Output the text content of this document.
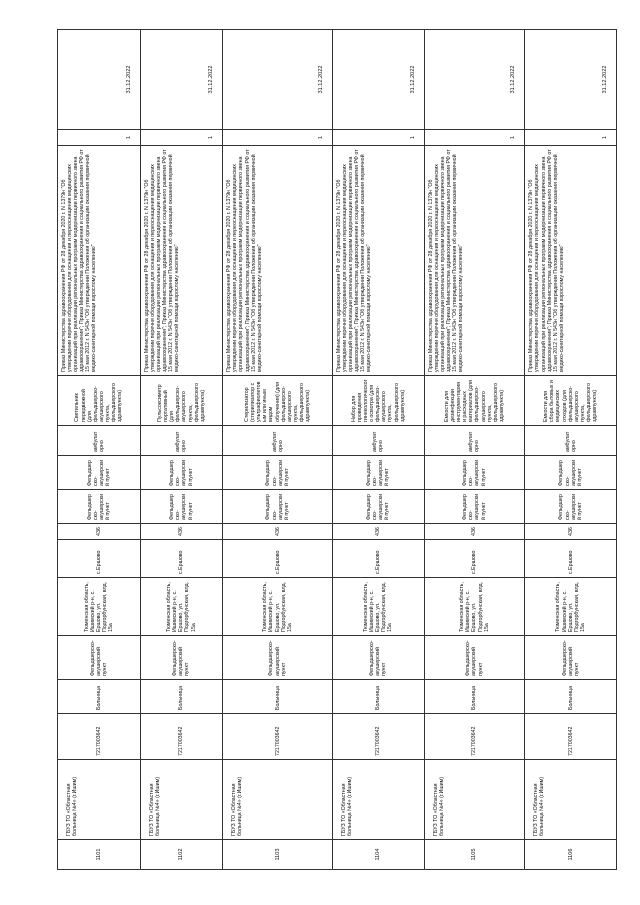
1101	ГБУЗ ТО «Областная больница №4» (г.Ишим)	7217003642	Больница	Фельдшерско-акушерский пункт	Тюменская область, Ишимский р-н, с. Ершово, ул. Подгорбунская, влд. 15а	с.Ершово	436	Фельдшерско-акушерский пункт	Фельдшерско-акушерский пункт	амбулаторно	Светильник передвижной (для фельдшерско-акушерского пункта, фельдшерского здравпункта)	Приказ Министерства здравоохранения РФ от 28 декабря 2020 г. N 1379н "Об утверждении перечня оборудования для оснащения и переоснащения медицинских организаций при реализации региональных программ модернизации первичного звена здравоохранения"; Приказ Министерства здравоохранения и социального развития РФ от 15 мая 2012 г. N 543н "Об утверждении Положения об организации оказания первичной медико-санитарной помощи взрослому населению"	1	31.12.2022
1102	ГБУЗ ТО «Областная больница №4» (г.Ишим)	7217003642	Больница	Фельдшерско-акушерский пункт	Тюменская область, Ишимский р-н, с. Ершово, ул. Подгорбунская, влд. 15а	с.Ершово	436	Фельдшерско-акушерский пункт	Фельдшерско-акушерский пункт	амбулаторно	Пульсоксиметр портативный (для фельдшерско-акушерского пункта, фельдшерского здравпункта)	Приказ Министерства здравоохранения РФ от 28 декабря 2020 г. N 1379н "Об утверждении перечня оборудования для оснащения и переоснащения медицинских организаций при реализации региональных программ модернизации первичного звена здравоохранения"; Приказ Министерства здравоохранения и социального развития РФ от 15 мая 2012 г. N 543н "Об утверждении Положения об организации оказания первичной медико-санитарной помощи взрослому населению"	1	31.12.2022
1103	ГБУЗ ТО «Областная больница №4» (г.Ишим)	7217003642	Больница	Фельдшерско-акушерский пункт	Тюменская область, Ишимский р-н, с. Ершово, ул. Подгорбунская, влд. 15а	с.Ершово	436	Фельдшерско-акушерский пункт	Фельдшерско-акушерский пункт	амбулаторно	Стерилизатор (стерилизатор с ультрафиолетовым или иным видом облучения) (для фельдшерско-акушерского пункта, фельдшерского здравпункта)	Приказ Министерства здравоохранения РФ от 28 декабря 2020 г. N 1379н "Об утверждении перечня оборудования для оснащения и переоснащения медицинских организаций при реализации региональных программ модернизации первичного звена здравоохранения"; Приказ Министерства здравоохранения и социального развития РФ от 15 мая 2012 г. N 543н "Об утверждении Положения об организации оказания первичной медико-санитарной помощи взрослому населению"	1	31.12.2022
1104	ГБУЗ ТО «Областная больница №4» (г.Ишим)	7217003642	Больница	Фельдшерско-акушерский пункт	Тюменская область, Ишимский р-н, с. Ершово, ул. Подгорбунская, влд. 15а	с.Ершово	436	Фельдшерско-акушерский пункт	Фельдшерско-акушерский пункт	амбулаторно	Набор для проведения гинекологического осмотра (для фельдшерско-акушерского пункта, фельдшерского здравпункта)	Приказ Министерства здравоохранения РФ от 28 декабря 2020 г. N 1379н "Об утверждении перечня оборудования для оснащения и переоснащения медицинских организаций при реализации региональных программ модернизации первичного звена здравоохранения"; Приказ Министерства здравоохранения и социального развития РФ от 15 мая 2012 г. N 543н "Об утверждении Положения об организации оказания первичной медико-санитарной помощи взрослому населению"	1	31.12.2022
1105	ГБУЗ ТО «Областная больница №4» (г.Ишим)	7217003642	Больница	Фельдшерско-акушерский пункт	Тюменская область, Ишимский р-н, с. Ершово, ул. Подгорбунская, влд. 15а	с.Ершово	436	Фельдшерско-акушерский пункт	Фельдшерско-акушерский пункт	амбулаторно	Емкости для дезинфекции инструментария и расходных материалов (для фельдшерско-акушерского пункта, фельдшерского здравпункта)	Приказ Министерства здравоохранения РФ от 28 декабря 2020 г. N 1379н "Об утверждении перечня оборудования для оснащения и переоснащения медицинских организаций при реализации региональных программ модернизации первичного звена здравоохранения"; Приказ Министерства здравоохранения и социального развития РФ от 15 мая 2012 г. N 543н "Об утверждении Положения об организации оказания первичной медико-санитарной помощи взрослому населению"	1	31.12.2022
1106	ГБУЗ ТО «Областная больница №4» (г.Ишим)	7217003642	Больница	Фельдшерско-акушерский пункт	Тюменская область, Ишимский р-н, с. Ершово, ул. Подгорбунская, влд. 15а	с.Ершово	436	Фельдшерско-акушерский пункт	Фельдшерско-акушерский пункт	амбулаторно	Емкости для сбора бытовых и медицинских отходов (для фельдшерско-акушерского пункта, фельдшерского здравпункта)	Приказ Министерства здравоохранения РФ от 28 декабря 2020 г. N 1379н "Об утверждении перечня оборудования для оснащения и переоснащения медицинских организаций при реализации региональных программ модернизации первичного звена здравоохранения"; Приказ Министерства здравоохранения и социального развития РФ от 15 мая 2012 г. N 543н "Об утверждении Положения об организации оказания первичной медико-санитарной помощи взрослому населению"	1	31.12.2022
